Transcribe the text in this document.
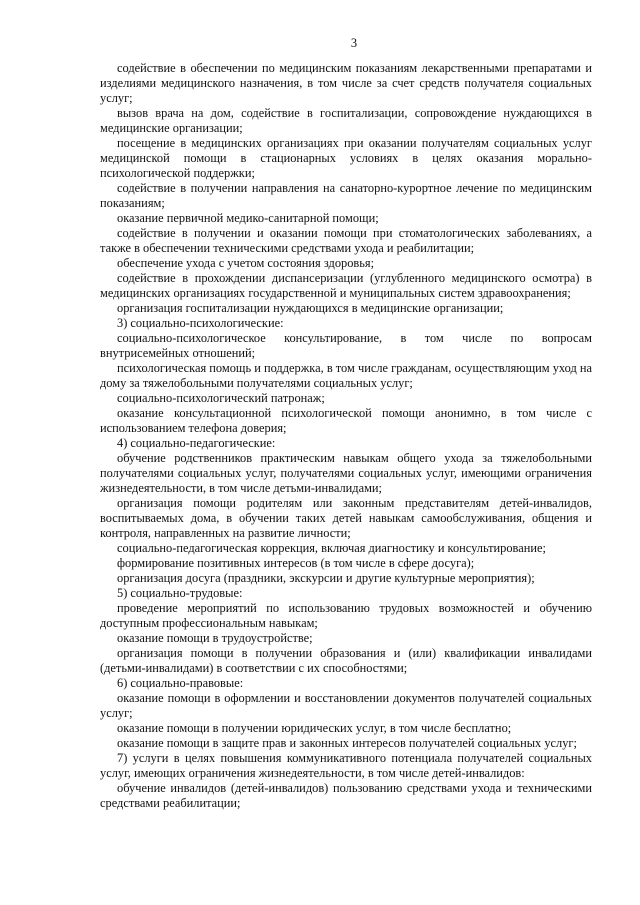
3

содействие в обеспечении по медицинским показаниям лекарственными препаратами и изделиями медицинского назначения, в том числе за счет средств получателя социальных услуг;

вызов врача на дом, содействие в госпитализации, сопровождение нуждающихся в медицинские организации;

посещение в медицинских организациях при оказании получателям социальных услуг медицинской помощи в стационарных условиях в целях оказания морально-психологической поддержки;

содействие в получении направления на санаторно-курортное лечение по медицинским показаниям;

оказание первичной медико-санитарной помощи;

содействие в получении и оказании помощи при стоматологических заболеваниях, а также в обеспечении техническими средствами ухода и реабилитации;

обеспечение ухода с учетом состояния здоровья;

содействие в прохождении диспансеризации (углубленного медицинского осмотра) в медицинских организациях государственной и муниципальных систем здравоохранения;

организация госпитализации нуждающихся в медицинские организации;

3) социально-психологические:

социально-психологическое консультирование, в том числе по вопросам внутрисемейных отношений;

психологическая помощь и поддержка, в том числе гражданам, осуществляющим уход на дому за тяжелобольными получателями социальных услуг;

социально-психологический патронаж;

оказание консультационной психологической помощи анонимно, в том числе с использованием телефона доверия;

4) социально-педагогические:

обучение родственников практическим навыкам общего ухода за тяжелобольными получателями социальных услуг, получателями социальных услуг, имеющими ограничения жизнедеятельности, в том числе детьми-инвалидами;

организация помощи родителям или законным представителям детей-инвалидов, воспитываемых дома, в обучении таких детей навыкам самообслуживания, общения и контроля, направленных на развитие личности;

социально-педагогическая коррекция, включая диагностику и консультирование;

формирование позитивных интересов (в том числе в сфере досуга);

организация досуга (праздники, экскурсии и другие культурные мероприятия);

5) социально-трудовые:

проведение мероприятий по использованию трудовых возможностей и обучению доступным профессиональным навыкам;

оказание помощи в трудоустройстве;

организация помощи в получении образования и (или) квалификации инвалидами (детьми-инвалидами) в соответствии с их способностями;

6) социально-правовые:

оказание помощи в оформлении и восстановлении документов получателей социальных услуг;

оказание помощи в получении юридических услуг, в том числе бесплатно;

оказание помощи в защите прав и законных интересов получателей социальных услуг;

7) услуги в целях повышения коммуникативного потенциала получателей социальных услуг, имеющих ограничения жизнедеятельности, в том числе детей-инвалидов:

обучение инвалидов (детей-инвалидов) пользованию средствами ухода и техническими средствами реабилитации;
